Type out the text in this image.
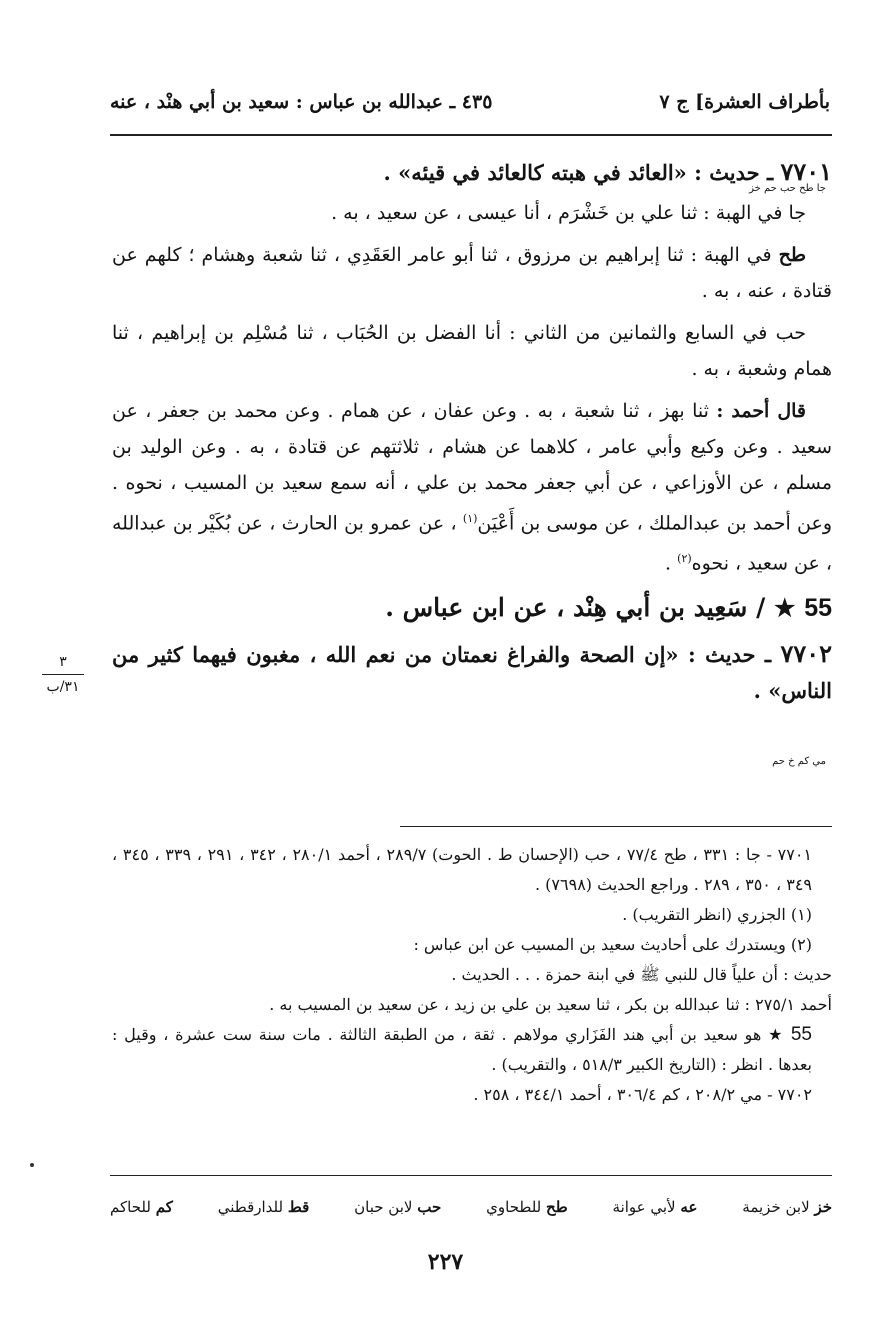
٤٣٥ ـ عبدالله بن عباس : سعيد بن أبي هنْد ، عنه	بأطراف العشرة] ج ٧

٧٧٠١ ـ حديث : «العائد في هبته كالعائد في قيئه» .

جا طح حب حم خز

جا في الهبة : ثنا علي بن خَشْرَم ، أنا عيسى ، عن سعيد ، به .

طح في الهبة : ثنا إبراهيم بن مرزوق ، ثنا أبو عامر العَقَدِي ، ثنا شعبة وهشام ؛ كلهم عن قتادة ، عنه ، به .

حب في السابع والثمانين من الثاني : أنا الفضل بن الحُبَاب ، ثنا مُسْلِم بن إبراهيم ، ثنا همام وشعبة ، به .

قال أحمد : ثنا بهز ، ثنا شعبة ، به . وعن عفان ، عن همام . وعن محمد بن جعفر ، عن سعيد . وعن وكيع وأبي عامر ، كلاهما عن هشام ، ثلاثتهم عن قتادة ، به . وعن الوليد بن مسلم ، عن الأوزاعي ، عن أبي جعفر محمد بن علي ، أنه سمع سعيد بن المسيب ، نحوه . وعن أحمد بن عبدالملك ، عن موسى بن أَعْيَن$^{(١)}$ ، عن عمرو بن الحارث ، عن بُكَيْر بن عبدالله ، عن سعيد ، نحوه$^{(٢)}$ .

55 ★ / سَعِيد بن أبي هِنْد ، عن ابن عباس .

٧٧٠٢ ـ حديث : «إن الصحة والفراغ نعمتان من نعم الله ، مغبون فيهما كثير من الناس» .

مي كم خ حم

٣
٣١/ب

٧٧٠١ - جا : ٣٣١ ، طح ٧٧/٤ ، حب (الإحسان ط . الحوت) ٢٨٩/٧ ، أحمد ٢٨٠/١ ، ٣٤٢ ، ٢٩١ ، ٣٣٩ ، ٣٤٥ ، ٣٤٩ ، ٣٥٠ ، ٢٨٩ . وراجع الحديث (٧٦٩٨) .

(١) الجزري (انظر التقريب) .

(٢) ويستدرك على أحاديث سعيد بن المسيب عن ابن عباس :

حديث : أن علياً قال للنبي ﷺ في ابنة حمزة . . . الحديث .

أحمد ٢٧٥/١ : ثنا عبدالله بن بكر ، ثنا سعيد بن علي بن زيد ، عن سعيد بن المسيب به .

55 ★ هو سعيد بن أبي هند الفَزَاري مولاهم . ثقة ، من الطبقة الثالثة . مات سنة ست عشرة ، وقيل : بعدها . انظر : (التاريخ الكبير ٥١٨/٣ ، والتقريب) .

٧٧٠٢ - مي ٢٠٨/٢ ، كم ٣٠٦/٤ ، أحمد ٣٤٤/١ ، ٢٥٨ .

خز لابن خزيمة
عه لأبي عوانة
طح للطحاوي
حب لابن حبان
قط للدارقطني
كم للحاكم
٢٢٧
